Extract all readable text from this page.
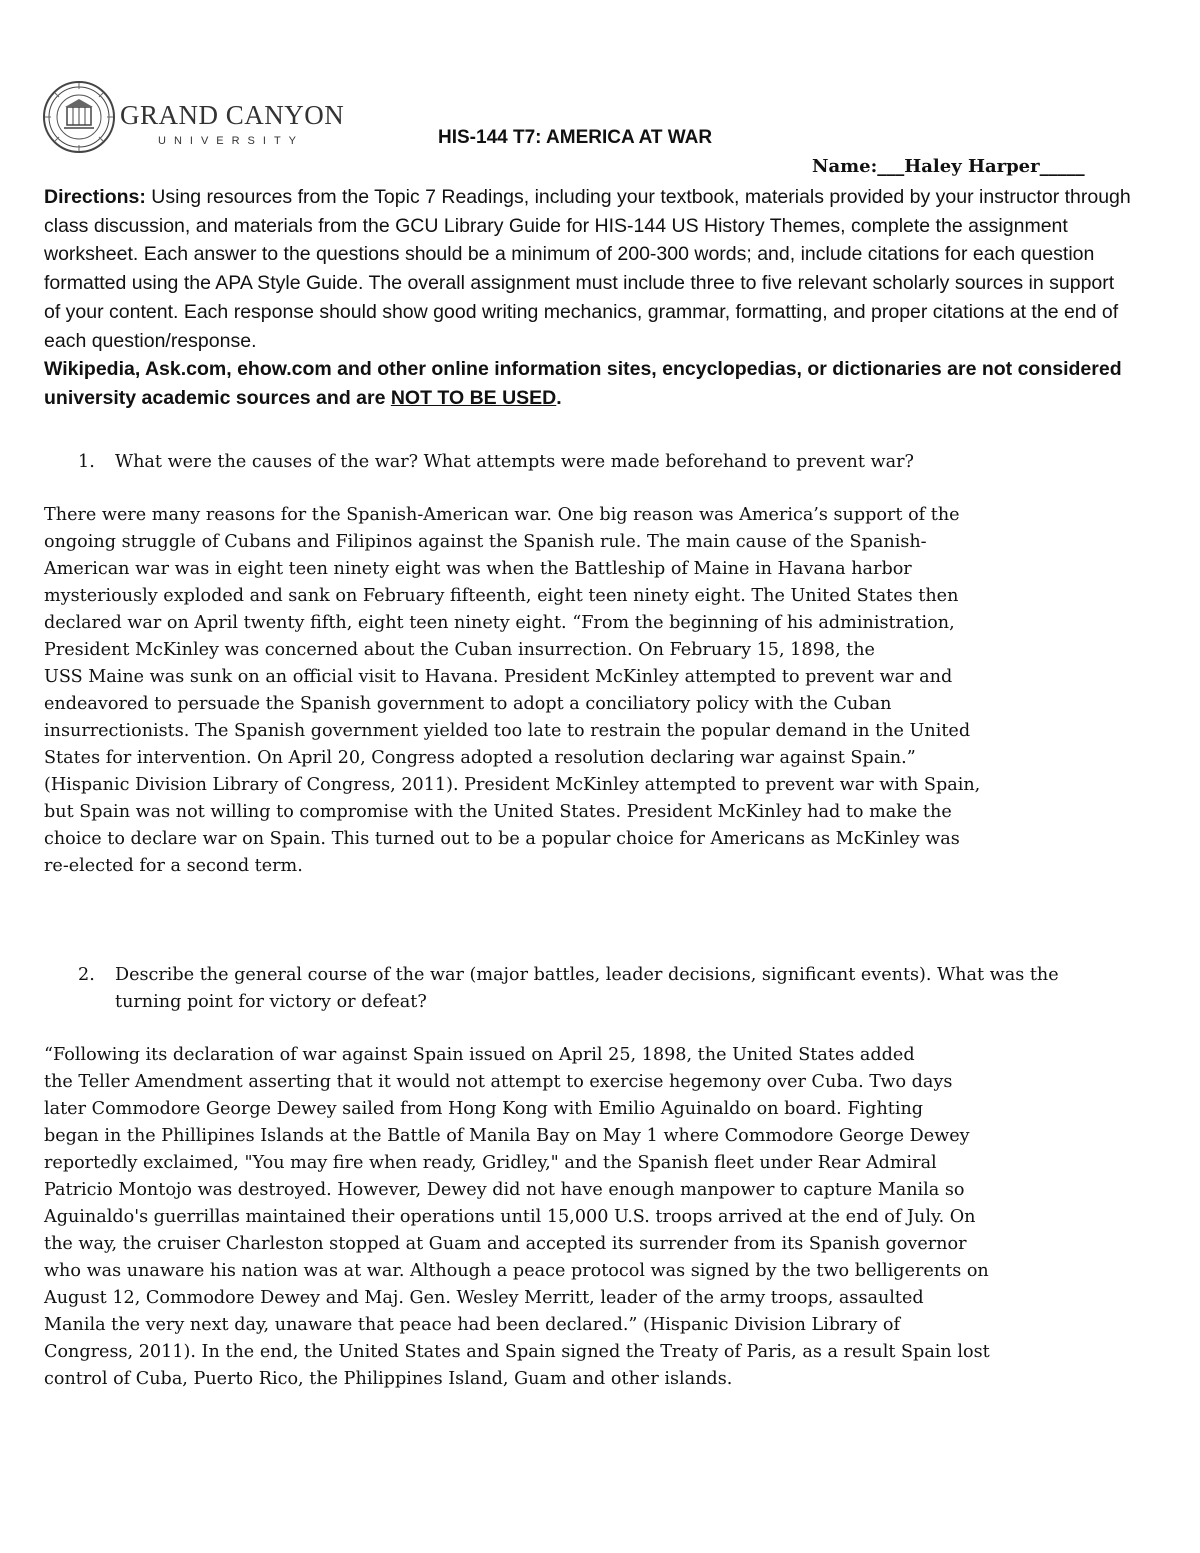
GRAND CANYON
UNIVERSITY	HIS-144 T7: AMERICA AT WAR
Name:___Haley Harper_____
Directions: Using resources from the Topic 7 Readings, including your textbook, materials provided by your instructor through class discussion, and materials from the GCU Library Guide for HIS-144 US History Themes, complete the assignment worksheet. Each answer to the questions should be a minimum of 200-300 words; and, include citations for each question formatted using the APA Style Guide. The overall assignment must include three to five relevant scholarly sources in support of your content. Each response should show good writing mechanics, grammar, formatting, and proper citations at the end of each question/response.
Wikipedia, Ask.com, ehow.com and other online information sites, encyclopedias, or dictionaries are not considered university academic sources and are NOT TO BE USED.
1. What were the causes of the war? What attempts were made beforehand to prevent war?
There were many reasons for the Spanish-American war. One big reason was America’s support of the
ongoing struggle of Cubans and Filipinos against the Spanish rule. The main cause of the Spanish-
American war was in eight teen ninety eight was when the Battleship of Maine in Havana harbor
mysteriously exploded and sank on February fifteenth, eight teen ninety eight. The United States then
declared war on April twenty fifth, eight teen ninety eight. “From the beginning of his administration,
President McKinley was concerned about the Cuban insurrection. On February 15, 1898, the
USS Maine was sunk on an official visit to Havana. President McKinley attempted to prevent war and
endeavored to persuade the Spanish government to adopt a conciliatory policy with the Cuban
insurrectionists. The Spanish government yielded too late to restrain the popular demand in the United
States for intervention. On April 20, Congress adopted a resolution declaring war against Spain.”
(Hispanic Division Library of Congress, 2011). President McKinley attempted to prevent war with Spain,
but Spain was not willing to compromise with the United States. President McKinley had to make the
choice to declare war on Spain. This turned out to be a popular choice for Americans as McKinley was
re-elected for a second term.
2. Describe the general course of the war (major battles, leader decisions, significant events). What was the turning point for victory or defeat?
“Following its declaration of war against Spain issued on April 25, 1898, the United States added
the Teller Amendment asserting that it would not attempt to exercise hegemony over Cuba. Two days
later Commodore George Dewey sailed from Hong Kong with Emilio Aguinaldo on board. Fighting
began in the Phillipines Islands at the Battle of Manila Bay on May 1 where Commodore George Dewey
reportedly exclaimed, "You may fire when ready, Gridley," and the Spanish fleet under Rear Admiral
Patricio Montojo was destroyed. However, Dewey did not have enough manpower to capture Manila so
Aguinaldo's guerrillas maintained their operations until 15,000 U.S. troops arrived at the end of July. On
the way, the cruiser Charleston stopped at Guam and accepted its surrender from its Spanish governor
who was unaware his nation was at war. Although a peace protocol was signed by the two belligerents on
August 12, Commodore Dewey and Maj. Gen. Wesley Merritt, leader of the army troops, assaulted
Manila the very next day, unaware that peace had been declared.” (Hispanic Division Library of
Congress, 2011). In the end, the United States and Spain signed the Treaty of Paris, as a result Spain lost
control of Cuba, Puerto Rico, the Philippines Island, Guam and other islands.
